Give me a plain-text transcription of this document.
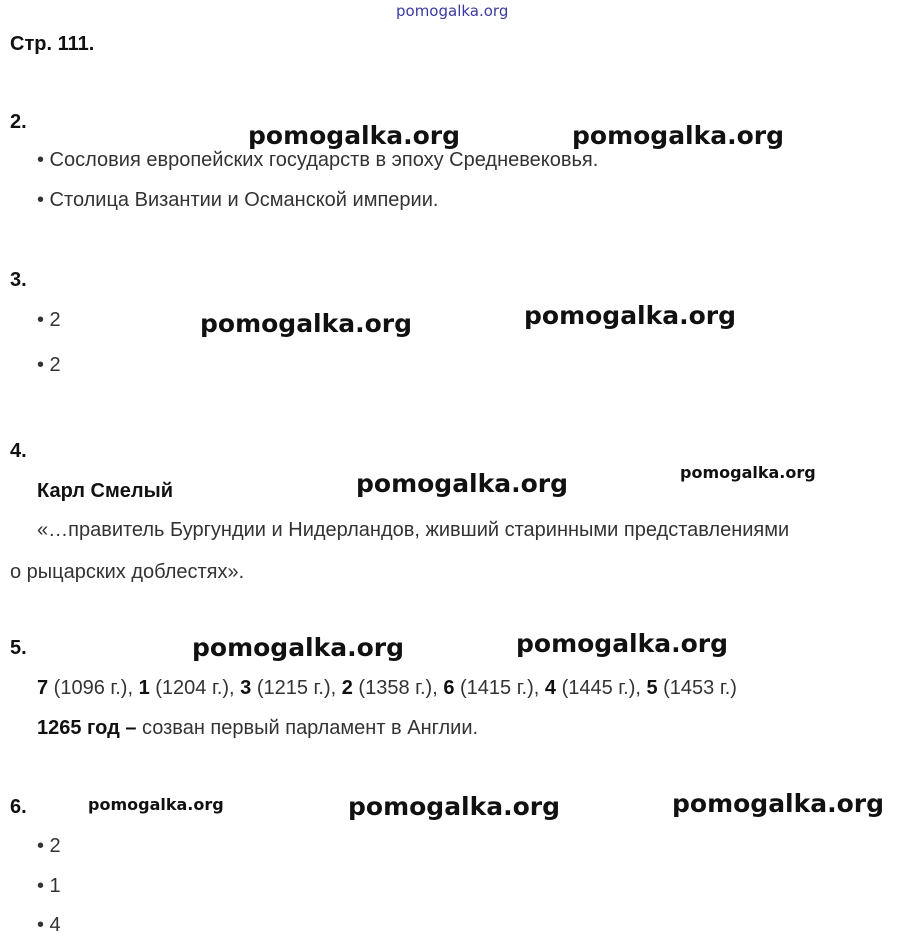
pomogalka.org
Стр. 111.
2.
• Сословия европейских государств в эпоху Средневековья.
• Столица Византии и Османской империи.
3.
• 2
• 2
4.
Карл Смелый
«…правитель Бургундии и Нидерландов, живший старинными представлениями
о рыцарских доблестях».
5.
7 (1096 г.), 1 (1204 г.), 3 (1215 г.), 2 (1358 г.), 6 (1415 г.), 4 (1445 г.), 5 (1453 г.)
1265 год – созван первый парламент в Англии.
6.
• 2
• 1
• 4
pomogalka.org	pomogalka.org
pomogalka.org	pomogalka.org
pomogalka.org	pomogalka.org
pomogalka.org	pomogalka.org
pomogalka.org	pomogalka.org	pomogalka.org
